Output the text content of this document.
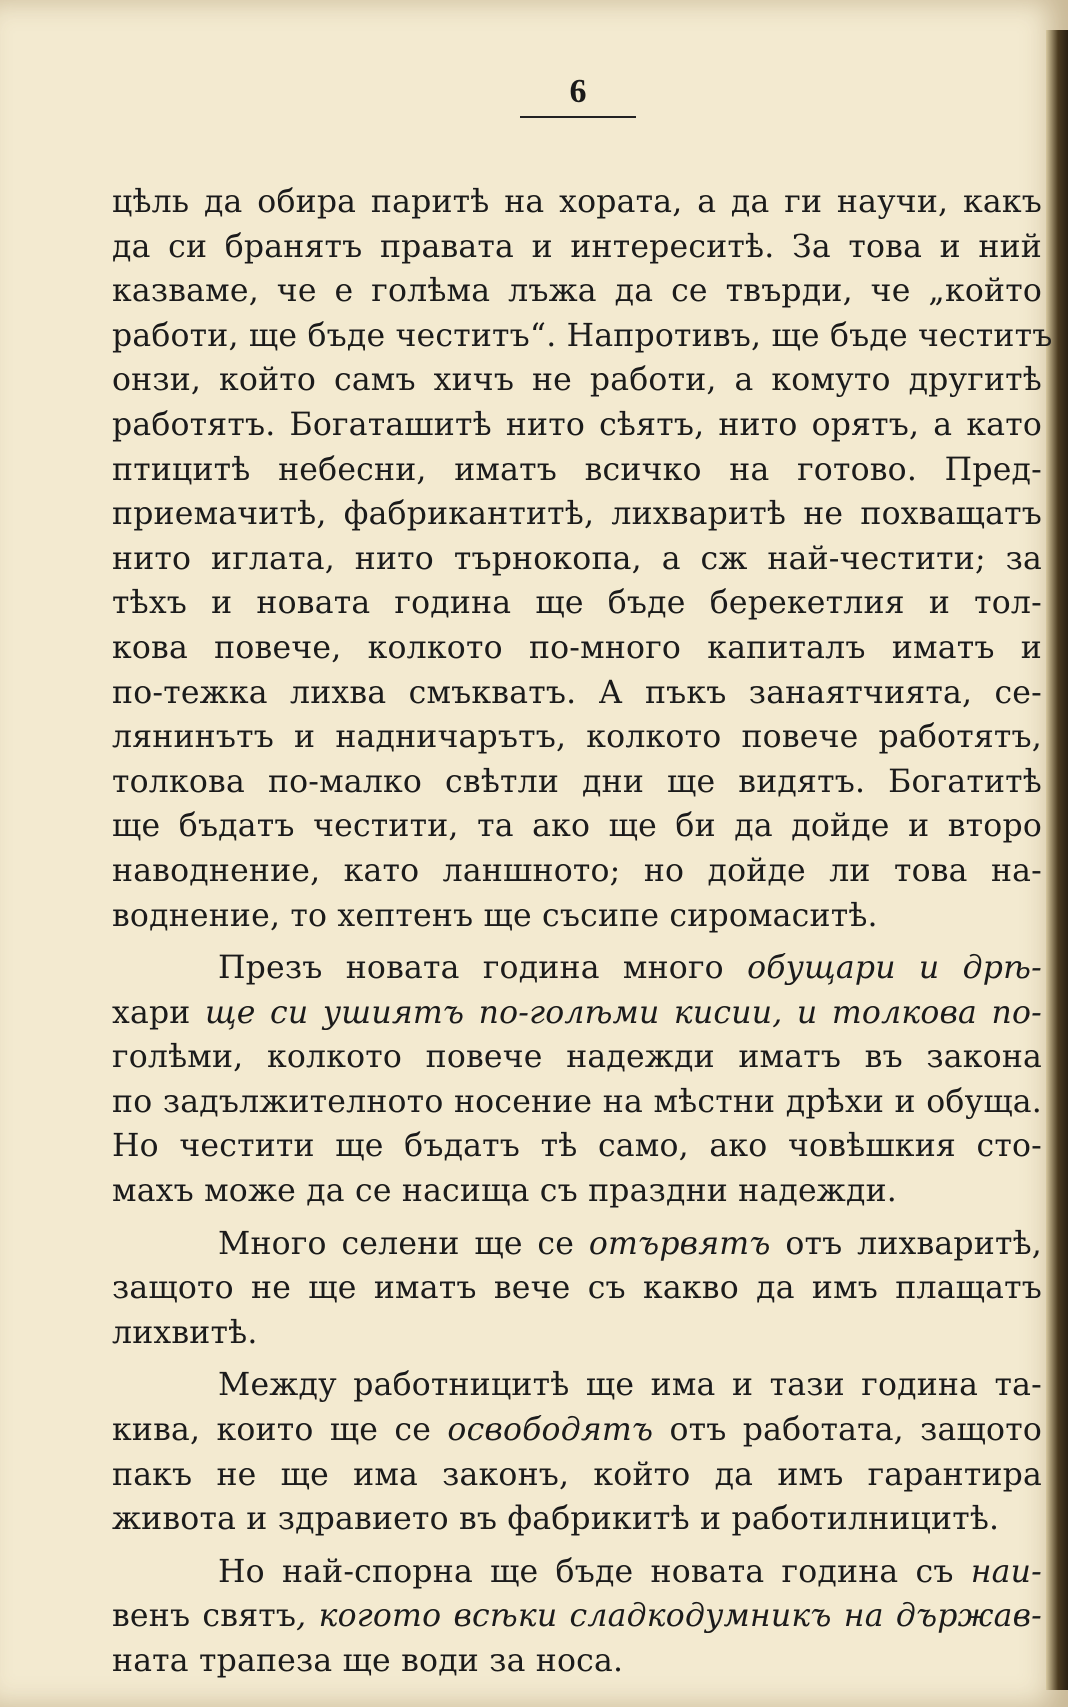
6
цѣль да обира паритѣ на хората, а да ги научи, какъ
да си бранятъ правата и интереситѣ. За това и ний
казваме, че е голѣма лъжа да се твърди, че „който
работи, ще бъде честитъ“. Напротивъ, ще бъде честитъ
онзи, който самъ хичъ не работи, а комуто другитѣ
работятъ. Богаташитѣ нито сѣятъ, нито орятъ, а като
птицитѣ небесни, иматъ всичко на готово. Пред-
приемачитѣ, фабрикантитѣ, лихваритѣ не похващатъ
нито иглата, нито търнокопа, а сж най-честити; за
тѣхъ и новата година ще бъде берекетлия и тол-
кова повече, колкото по-много капиталъ иматъ и
по-тежка лихва смъкватъ. А пъкъ занаятчията, се-
лянинътъ и надничарътъ, колкото повече работятъ,
толкова по-малко свѣтли дни ще видятъ. Богатитѣ
ще бъдатъ честити, та ако ще би да дойде и второ
наводнение, като ланшното; но дойде ли това на-
воднение, то хептенъ ще съсипе сиромаситѣ.
Презъ новата година много обущари и дрѣ-
хари ще си ушиятъ по-голѣми кисии, и толкова по-
голѣми, колкото повече надежди иматъ въ закона
по задължителното носение на мѣстни дрѣхи и обуща.
Но честити ще бъдатъ тѣ само, ако човѣшкия сто-
махъ може да се насища съ праздни надежди.
Много селени ще се отървятъ отъ лихваритѣ,
защото не ще иматъ вече съ какво да имъ плащатъ
лихвитѣ.
Между работницитѣ ще има и тази година та-
кива, които ще се освободятъ отъ работата, защото
пакъ не ще има законъ, който да имъ гарантира
живота и здравието въ фабрикитѣ и работилницитѣ.
Но най-спорна ще бъде новата година съ наи-
венъ святъ, когото всѣки сладкодумникъ на държав-
ната трапеза ще води за носа.
